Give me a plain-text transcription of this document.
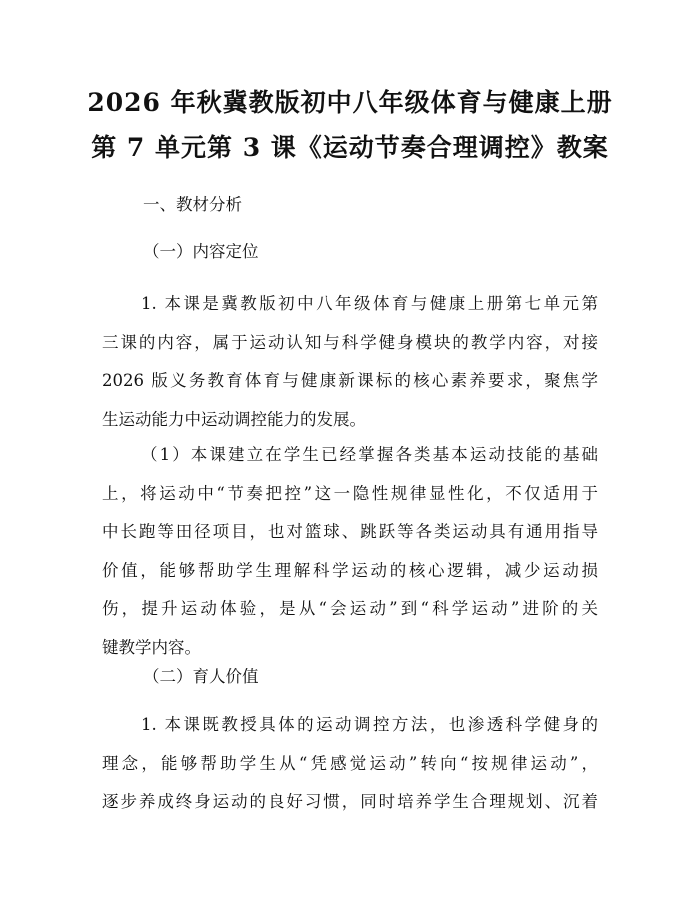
2026 年秋冀教版初中八年级体育与健康上册
第 7 单元第 3 课《运动节奏合理调控》教案
一、教材分析
（一）内容定位
1. 本课是冀教版初中八年级体育与健康上册第七单元第
三课的内容，属于运动认知与科学健身模块的教学内容，对接
2026 版义务教育体育与健康新课标的核心素养要求，聚焦学
生运动能力中运动调控能力的发展。
（1）本课建立在学生已经掌握各类基本运动技能的基础
上，将运动中“节奏把控”这一隐性规律显性化，不仅适用于
中长跑等田径项目，也对篮球、跳跃等各类运动具有通用指导
价值，能够帮助学生理解科学运动的核心逻辑，减少运动损
伤，提升运动体验，是从“会运动”到“科学运动”进阶的关
键教学内容。
（二）育人价值
1. 本课既教授具体的运动调控方法，也渗透科学健身的
理念，能够帮助学生从“凭感觉运动”转向“按规律运动”，
逐步养成终身运动的良好习惯，同时培养学生合理规划、沉着
